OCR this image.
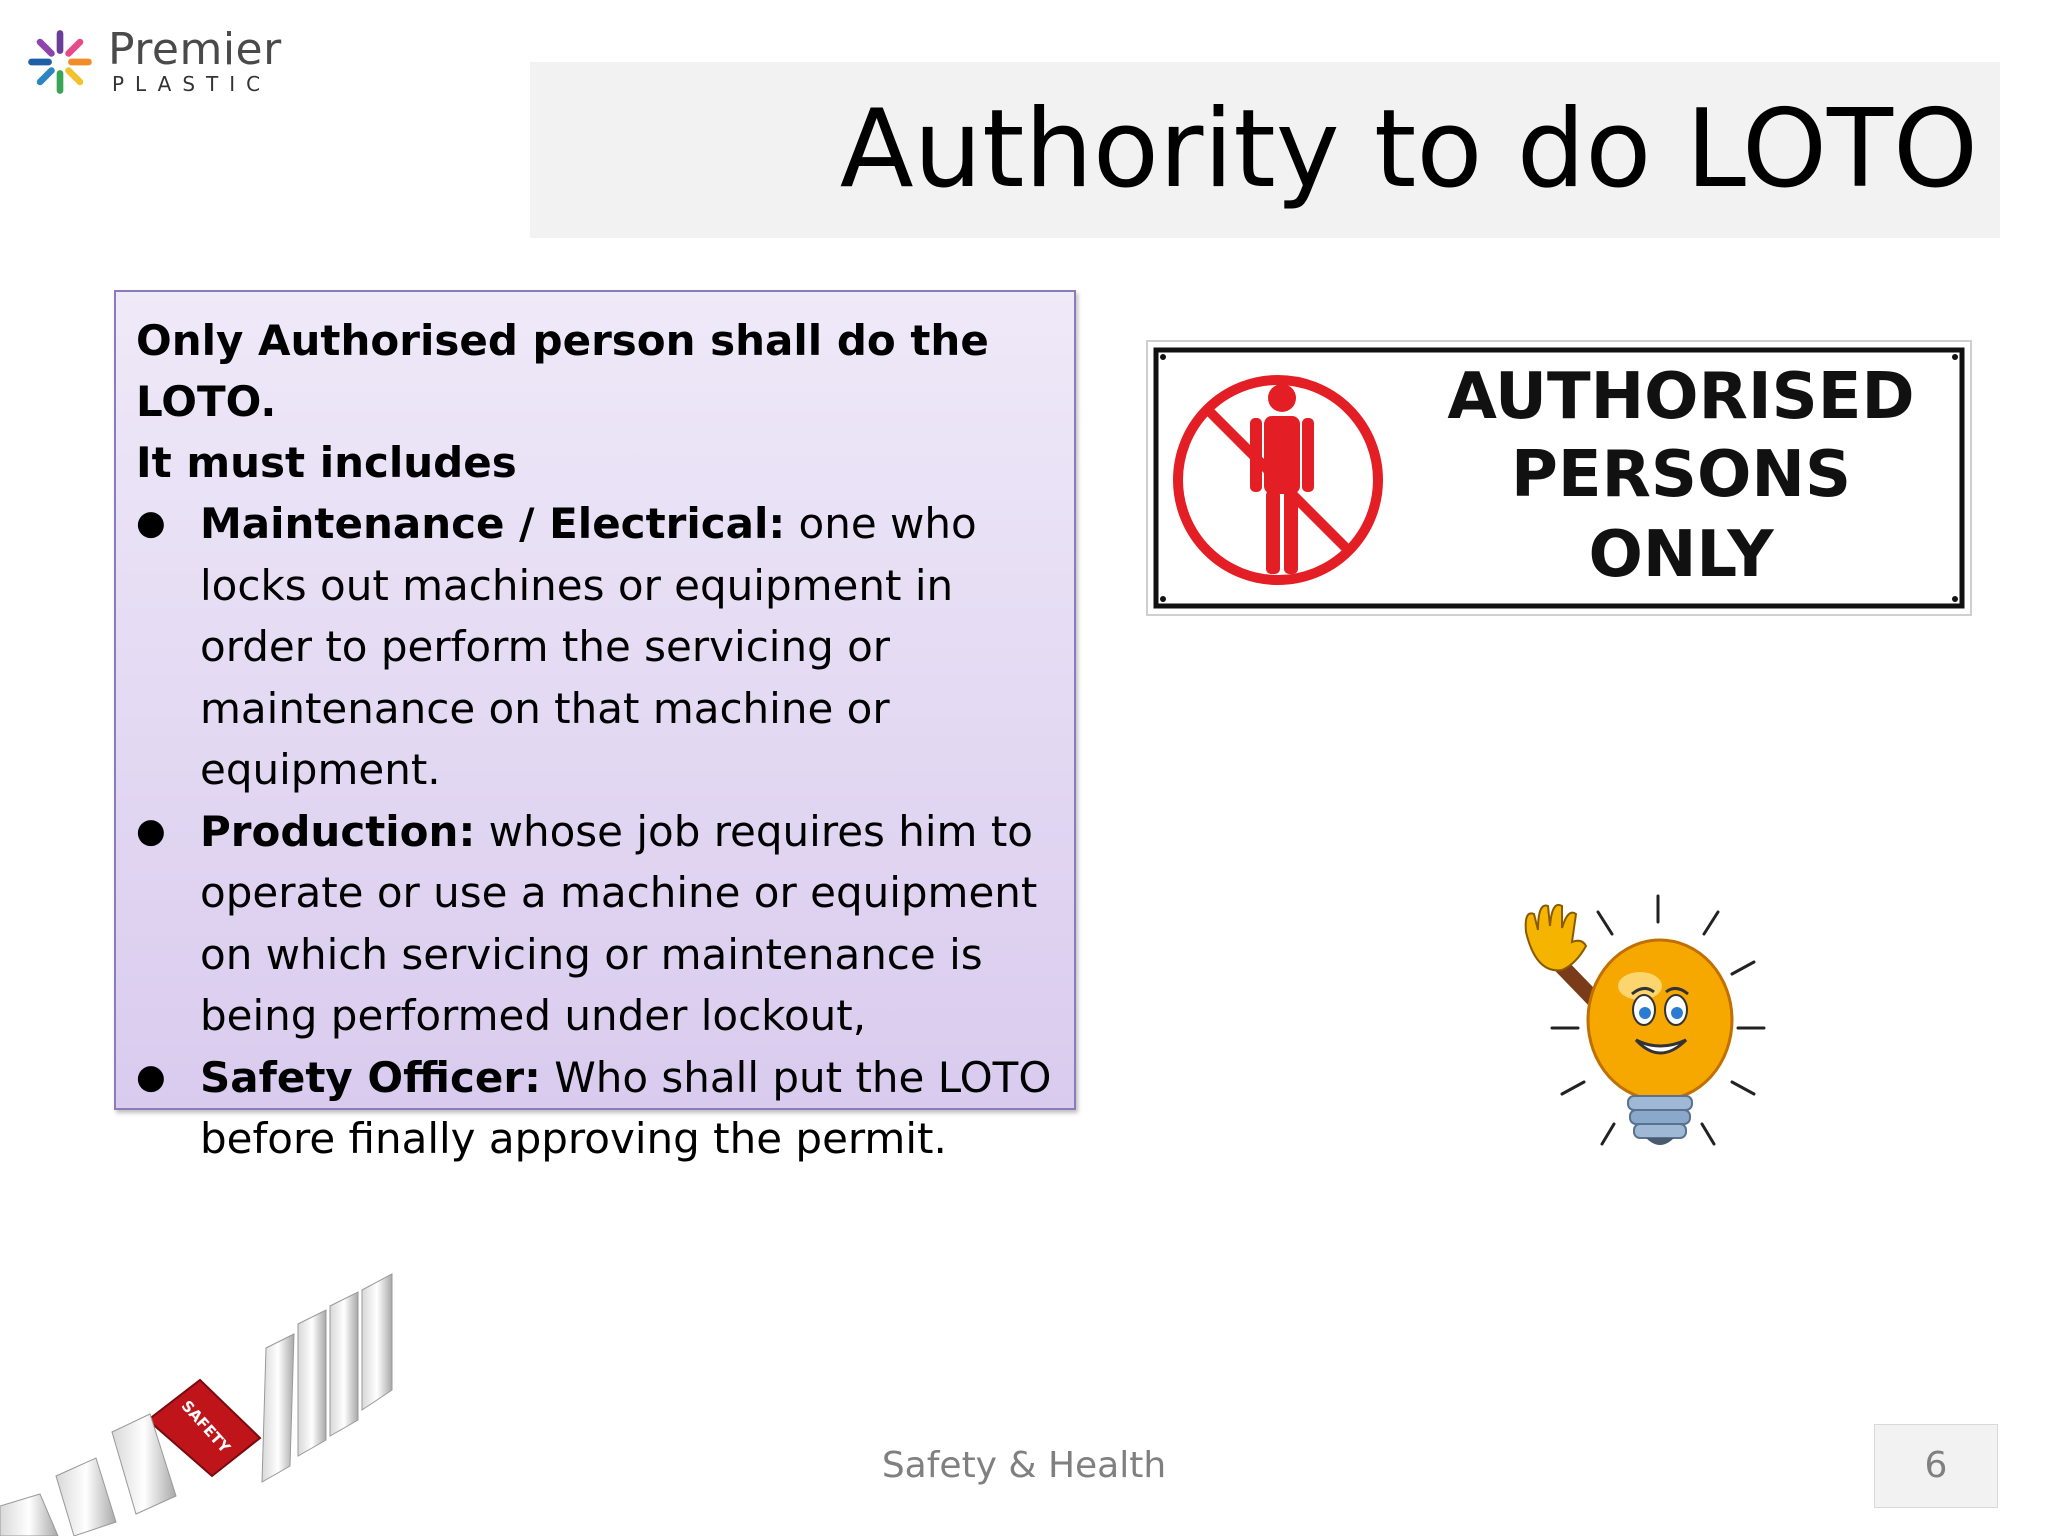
Premier
PLASTIC
Authority to do LOTO
Only Authorised person shall do the LOTO.
It must includes
● Maintenance / Electrical: one who locks out machines or equipment in order to perform the servicing or maintenance on that machine or equipment.
● Production: whose job requires him to operate or use a machine or equipment on which servicing or maintenance is being performed under lockout,
● Safety Officer: Who shall put the LOTO before finally approving the permit.
AUTHORISED
PERSONS
ONLY
SAFETY
Safety & Health	6
